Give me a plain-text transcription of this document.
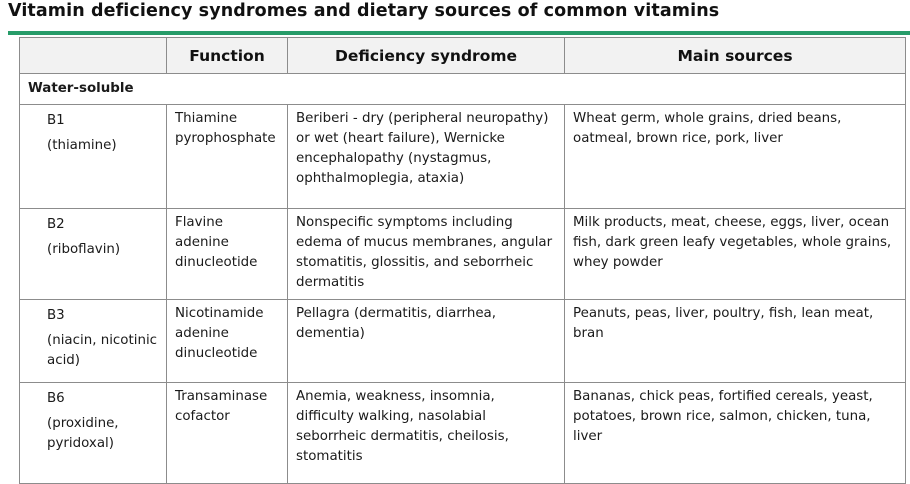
Vitamin deficiency syndromes and dietary sources of common vitamins
	Function	Deficiency syndrome	Main sources
Water-soluble			

B1
(thiamine)	Thiamine pyrophosphate	Beriberi - dry (peripheral neuropathy) or wet (heart failure), Wernicke encephalopathy (nystagmus, ophthalmoplegia, ataxia)	Wheat germ, whole grains, dried beans, oatmeal, brown rice, pork, liver

B2
(riboflavin)	Flavine adenine dinucleotide	Nonspecific symptoms including edema of mucus membranes, angular stomatitis, glossitis, and seborrheic dermatitis	Milk products, meat, cheese, eggs, liver, ocean fish, dark green leafy vegetables, whole grains, whey powder

B3
(niacin, nicotinic acid)	Nicotinamide adenine dinucleotide	Pellagra (dermatitis, diarrhea, dementia)	Peanuts, peas, liver, poultry, fish, lean meat, bran

B6
(proxidine, pyridoxal)	Transaminase cofactor	Anemia, weakness, insomnia, difficulty walking, nasolabial seborrheic dermatitis, cheilosis, stomatitis	Bananas, chick peas, fortified cereals, yeast, potatoes, brown rice, salmon, chicken, tuna, liver
